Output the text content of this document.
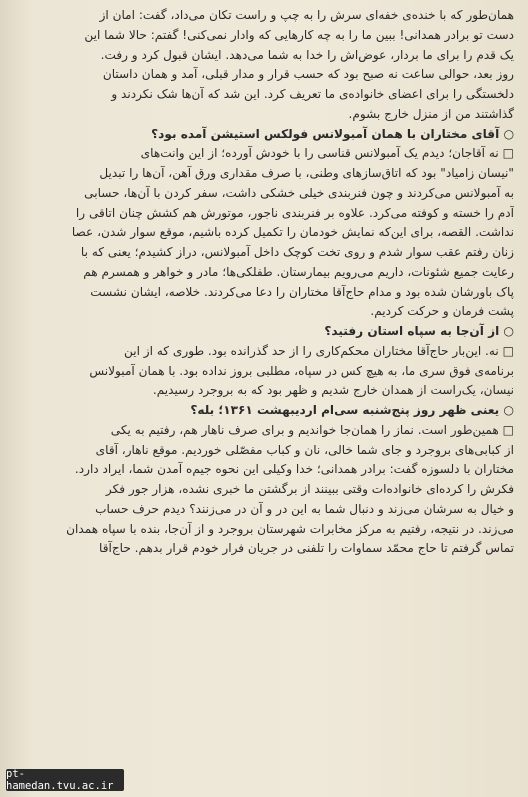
همان‌طور که با خنده‌ی خفه‌ای سرش را به چپ و راست تکان می‌داد، گفت: امان از
دست تو برادر همدانی! ببین ما را به چه کارهایی که وادار نمی‌کنی! گفتم: حالا شما این
یک قدم را برای ما بردار، عوض‌اش را خدا به شما می‌دهد. ایشان قبول کرد و رفت.
روز بعد، حوالی ساعت نه صبح بود که حسب قرار و مدار قبلی، آمد و همان داستان
دلخستگی را برای اعضای خانواده‌ی ما تعریف کرد. این شد که آن‌ها شک نکردند و
گذاشتند من از منزل خارج بشوم.
○ آقای مختاران با همان آمبولانس فولکس استیشن آمده بود؟
□ نه آقاجان؛ دیدم یک آمبولانس قناسی را با خودش آورده؛ از این وانت‌های
"نیسان زامیاد" بود که اتاق‌سازهای وطنی، با صرف مقداری ورق آهن، آن‌ها را تبدیل
به آمبولانس می‌کردند و چون فنربندی خیلی خشکی داشت، سفر کردن با آن‌ها، حسابی
آدم را خسته و کوفته می‌کرد. علاوه بر فنربندی ناجور، موتورش هم کشش چنان اتاقی را
نداشت. القصه، برای این‌که نمایش خودمان را تکمیل کرده باشیم، موقع سوار شدن، عصا
زنان رفتم عقب سوار شدم و روی تخت کوچک داخل آمبولانس، دراز کشیدم؛ یعنی که با
رعایت جمیع شئونات، داریم می‌رویم بیمارستان. طفلکی‌ها؛ مادر و خواهر و همسرم هم
پاک باورشان شده بود و مدام حاج‌آقا مختاران را دعا می‌کردند. خلاصه، ایشان نشست
پشت فرمان و حرکت کردیم.
○ از آن‌جا به سپاه استان رفتید؟
□ نه. این‌بار حاج‌آقا مختاران محکم‌کاری را از حد گذرانده بود. طوری که از این
برنامه‌ی فوق سری ما، به هیچ کس در سپاه، مطلبی بروز نداده بود. با همان آمبولانس
نیسان، یک‌راست از همدان خارج شدیم و ظهر بود که به بروجرد رسیدیم.
○ یعنی ظهر روز پنج‌شنبه سی‌ام اردیبهشت ۱۳۶۱؛ بله؟
□ همین‌طور است. نماز را همان‌جا خواندیم و برای صرف ناهار هم، رفتیم به یکی
از کبابی‌های بروجرد و جای شما خالی، نان و کباب مفصّلی خوردیم. موقع ناهار، آقای
مختاران با دلسوزه گفت: برادر همدانی؛ خدا وکیلی این نحوه جیم‌ه آمدن شما، ایراد دارد.
فکرش را کرده‌ای خانواده‌ات وقتی ببینند از برگشتن ما خبری نشده، هزار جور فکر
و خیال به سرشان می‌زند و دنبال شما به این در و آن در می‌زنند؟ دیدم حرف حساب
می‌زند. در نتیجه، رفتیم به مرکز مخابرات شهرستان بروجرد و از آن‌جا، بنده با سپاه همدان
تماس گرفتم تا حاج محمّد سماوات را تلفنی در جریان فرار خودم قرار بدهم. حاج‌آقا
pt-hamedan.tvu.ac.ir
